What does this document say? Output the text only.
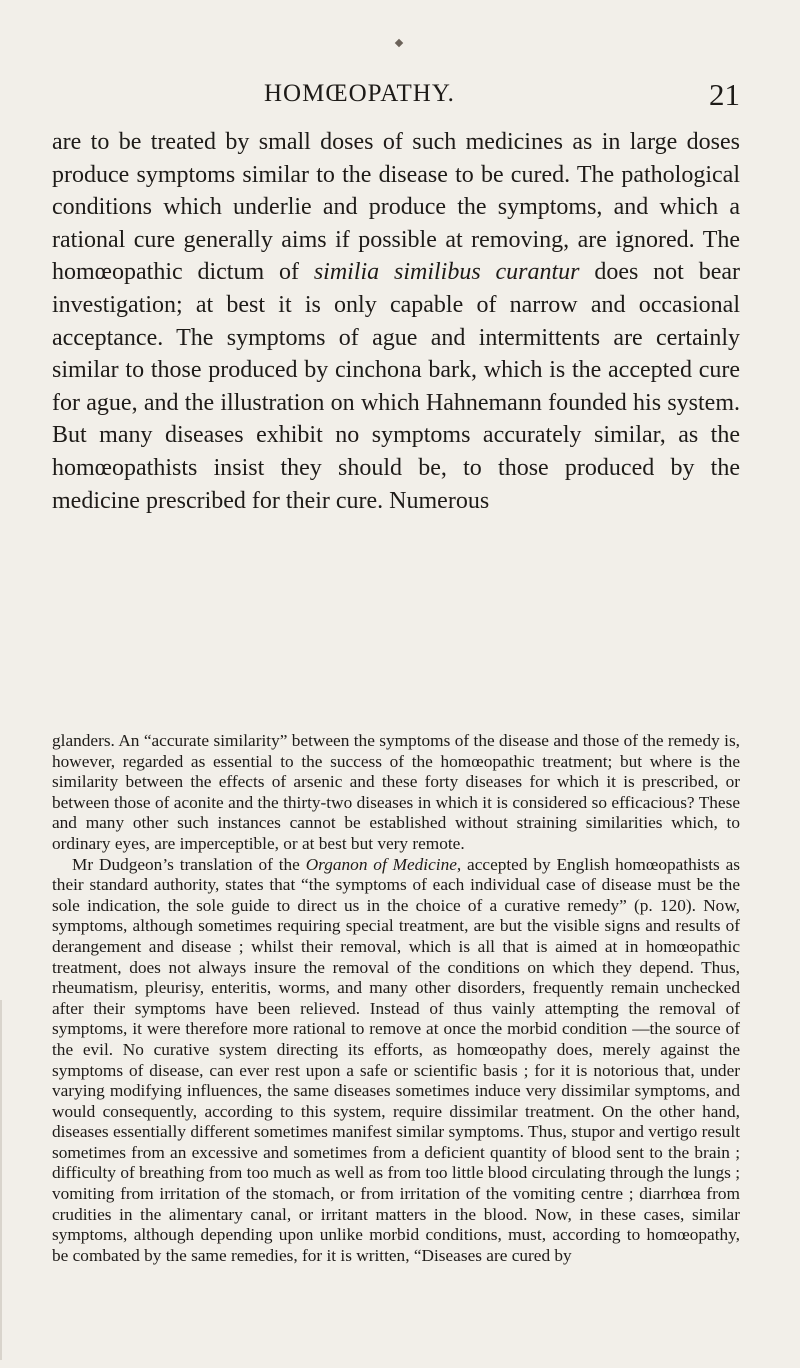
HOMŒOPATHY.	21

are to be treated by small doses of such medicines as in large doses produce symptoms similar to the disease to be cured. The pathological conditions which underlie and produce the symptoms, and which a rational cure generally aims if possible at removing, are ignored. The homœopathic dictum of similia similibus curantur does not bear investigation; at best it is only capable of narrow and occasional acceptance. The symptoms of ague and intermittents are certainly similar to those produced by cinchona bark, which is the accepted cure for ague, and the illustration on which Hahnemann founded his system. But many diseases exhibit no symptoms accurately similar, as the homœopathists insist they should be, to those produced by the medicine prescribed for their cure. Numerous

glanders. An “accurate similarity” between the symptoms of the disease and those of the remedy is, however, regarded as essential to the success of the homœopathic treatment; but where is the similarity between the effects of arsenic and these forty diseases for which it is prescribed, or between those of aconite and the thirty-two diseases in which it is considered so efficacious? These and many other such instances cannot be established without straining similarities which, to ordinary eyes, are imperceptible, or at best but very remote.

Mr Dudgeon’s translation of the Organon of Medicine, accepted by English homœopathists as their standard authority, states that “the symptoms of each individual case of disease must be the sole indication, the sole guide to direct us in the choice of a curative remedy” (p. 120). Now, symptoms, although sometimes requiring special treatment, are but the visible signs and results of derangement and disease ; whilst their removal, which is all that is aimed at in homœopathic treatment, does not always insure the removal of the conditions on which they depend. Thus, rheumatism, pleurisy, enteritis, worms, and many other disorders, frequently remain unchecked after their symptoms have been relieved. Instead of thus vainly attempting the removal of symptoms, it were therefore more rational to remove at once the morbid condition —the source of the evil. No curative system directing its efforts, as homœopathy does, merely against the symptoms of disease, can ever rest upon a safe or scientific basis ; for it is notorious that, under varying modifying influences, the same diseases sometimes induce very dissimilar symptoms, and would consequently, according to this system, require dissimilar treatment. On the other hand, diseases essentially different sometimes manifest similar symptoms. Thus, stupor and vertigo result sometimes from an excessive and sometimes from a deficient quantity of blood sent to the brain ; difficulty of breathing from too much as well as from too little blood circulating through the lungs ; vomiting from irritation of the stomach, or from irritation of the vomiting centre ; diarrhœa from crudities in the alimentary canal, or irritant matters in the blood. Now, in these cases, similar symptoms, although depending upon unlike morbid conditions, must, according to homœopathy, be combated by the same remedies, for it is written, “Diseases are cured by
